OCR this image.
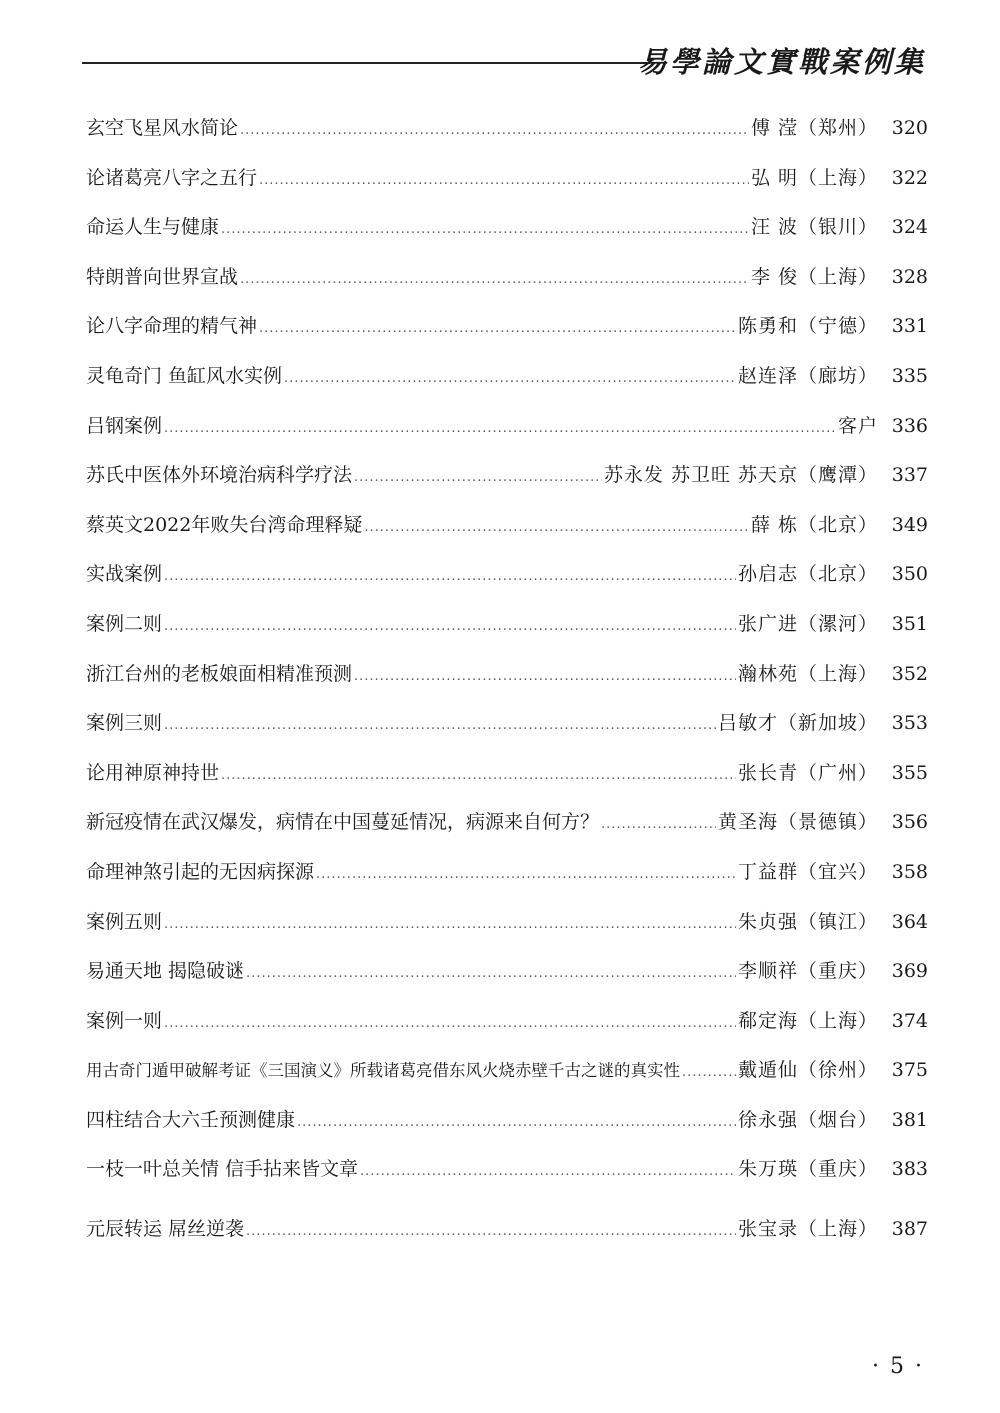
易學論文實戰案例集
玄空飞星风水简论 .....	傅 滢（郑州） 320
论诸葛亮八字之五行 .....	弘 明（上海） 322
命运人生与健康 .....	汪 波（银川） 324
特朗普向世界宣战 .....	李 俊（上海） 328
论八字命理的精气神 .....	陈勇和（宁德） 331
灵龟奇门 鱼缸风水实例 .....	赵连泽（廊坊） 335
吕钢案例 .....	客户 336
苏氏中医体外环境治病科学疗法 .....	苏永发 苏卫旺 苏天京（鹰潭） 337
蔡英文2022年败失台湾命理释疑 .....	薛 栋（北京） 349
实战案例 .....	孙启志（北京） 350
案例二则 .....	张广进（漯河） 351
浙江台州的老板娘面相精准预测 .....	瀚林苑（上海） 352
案例三则 .....	吕敏才（新加坡） 353
论用神原神持世 .....	张长青（广州） 355
新冠疫情在武汉爆发，病情在中国蔓延情况，病源来自何方？ .....	黄圣海（景德镇） 356
命理神煞引起的无因病探源 .....	丁益群（宜兴） 358
案例五则 .....	朱贞强（镇江） 364
易通天地 揭隐破谜 .....	李顺祥（重庆） 369
案例一则 .....	郗定海（上海） 374
用古奇门遁甲破解考证《三国演义》所载诸葛亮借东风火烧赤壁千古之谜的真实性 .....	戴遁仙（徐州） 375
四柱结合大六壬预测健康 .....	徐永强（烟台） 381
一枝一叶总关情 信手拈来皆文章 .....	朱万瑛（重庆） 383
元辰转运 屌丝逆袭 .....	张宝录（上海） 387
· 5 ·
